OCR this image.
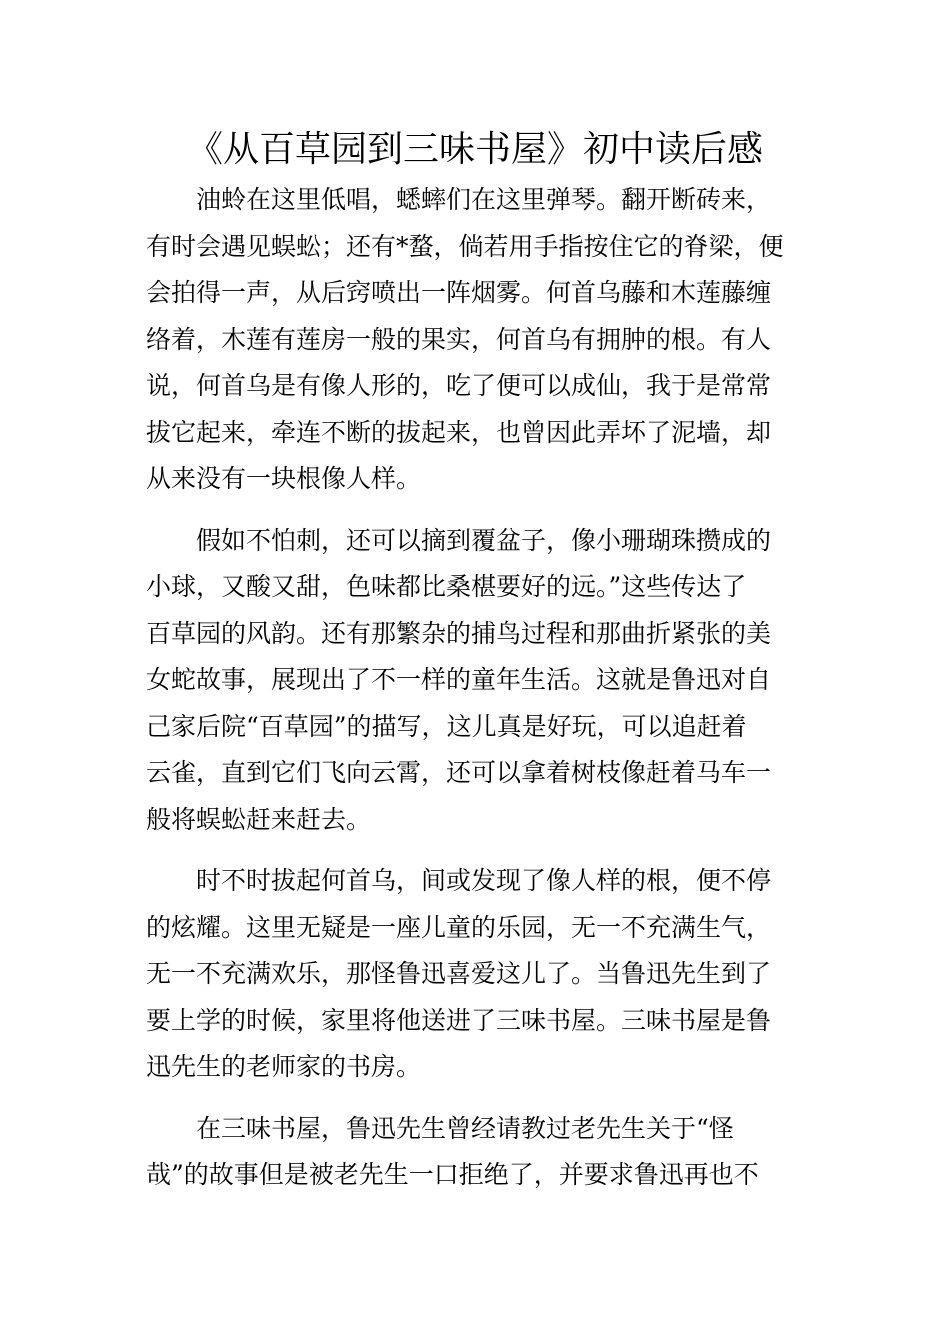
《从百草园到三味书屋》初中读后感

油蛉在这里低唱，蟋蟀们在这里弹琴。翻开断砖来，
有时会遇见蜈蚣；还有*蝥，倘若用手指按住它的脊梁，便
会拍得一声，从后窍喷出一阵烟雾。何首乌藤和木莲藤缠
络着，木莲有莲房一般的果实，何首乌有拥肿的根。有人
说，何首乌是有像人形的，吃了便可以成仙，我于是常常
拔它起来，牵连不断的拔起来，也曾因此弄坏了泥墙，却
从来没有一块根像人样。

假如不怕刺，还可以摘到覆盆子，像小珊瑚珠攒成的
小球，又酸又甜，色味都比桑椹要好的远。”这些传达了
百草园的风韵。还有那繁杂的捕鸟过程和那曲折紧张的美
女蛇故事，展现出了不一样的童年生活。这就是鲁迅对自
己家后院“百草园”的描写，这儿真是好玩，可以追赶着
云雀，直到它们飞向云霄，还可以拿着树枝像赶着马车一
般将蜈蚣赶来赶去。

时不时拔起何首乌，间或发现了像人样的根，便不停
的炫耀。这里无疑是一座儿童的乐园，无一不充满生气，
无一不充满欢乐，那怪鲁迅喜爱这儿了。当鲁迅先生到了
要上学的时候，家里将他送进了三味书屋。三味书屋是鲁
迅先生的老师家的书房。

在三味书屋，鲁迅先生曾经请教过老先生关于“怪
哉”的故事但是被老先生一口拒绝了，并要求鲁迅再也不
